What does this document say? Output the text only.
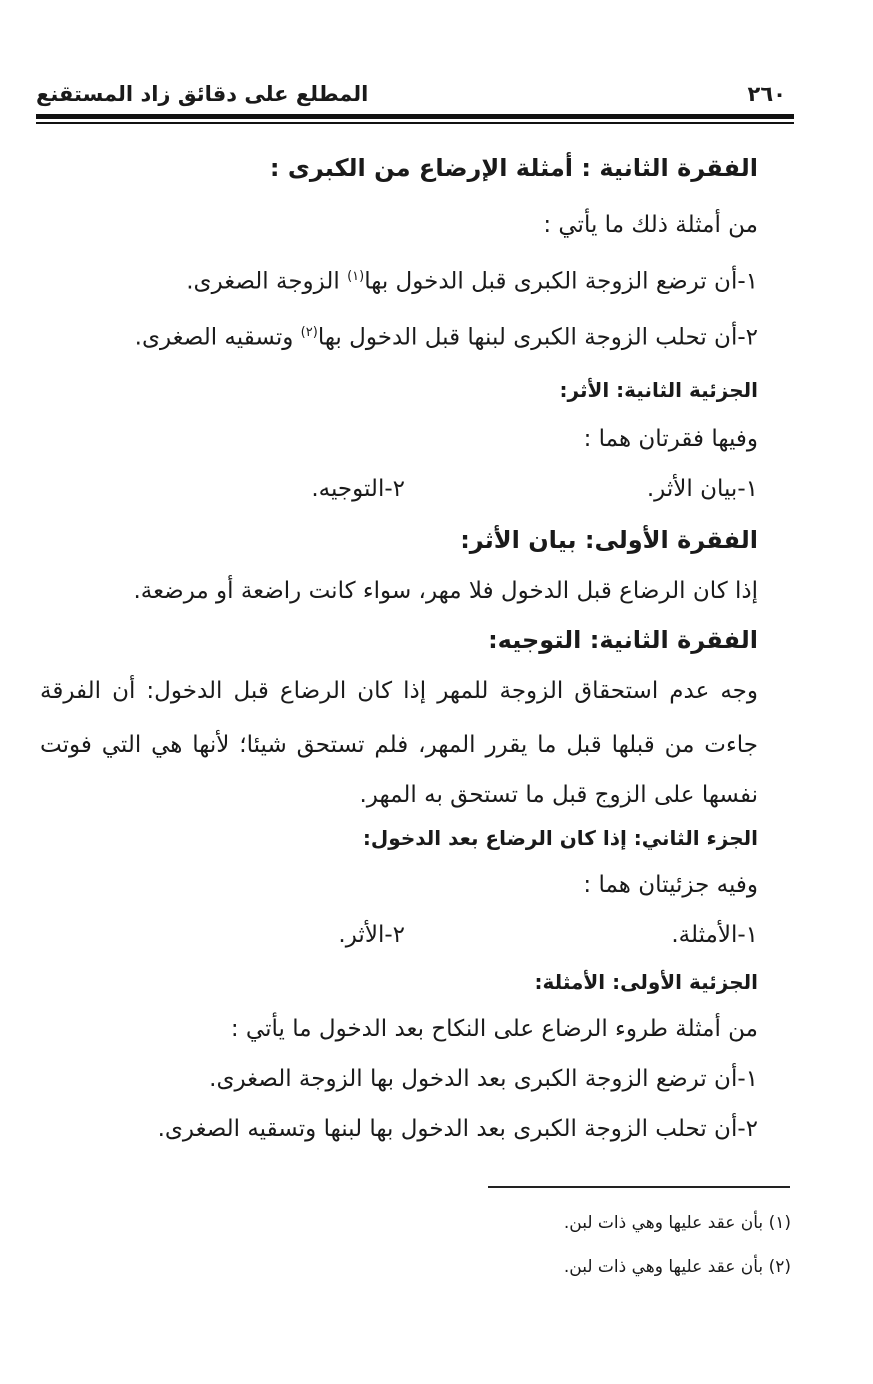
٢٦٠
المطلع على دقائق زاد المستقنع
الفقرة الثانية : أمثلة الإرضاع من الكبرى :
من أمثلة ذلك ما يأتي :
١-أن ترضع الزوجة الكبرى قبل الدخول بها$^{(١)}$ الزوجة الصغرى.
٢-أن تحلب الزوجة الكبرى لبنها قبل الدخول بها$^{(٢)}$ وتسقيه الصغرى.
الجزئية الثانية: الأثر:
وفيها فقرتان هما :
١-بيان الأثر.
٢-التوجيه.
الفقرة الأولى: بيان الأثر:
إذا كان الرضاع قبل الدخول فلا مهر، سواء كانت راضعة أو مرضعة.
الفقرة الثانية: التوجيه:
وجه عدم استحقاق الزوجة للمهر إذا كان الرضاع قبل الدخول: أن الفرقة
جاءت من قبلها قبل ما يقرر المهر، فلم تستحق شيئا؛ لأنها هي التي فوتت
نفسها على الزوج قبل ما تستحق به المهر.
الجزء الثاني: إذا كان الرضاع بعد الدخول:
وفيه جزئيتان هما :
١-الأمثلة.
٢-الأثر.
الجزئية الأولى: الأمثلة:
من أمثلة طروء الرضاع على النكاح بعد الدخول ما يأتي :
١-أن ترضع الزوجة الكبرى بعد الدخول بها الزوجة الصغرى.
٢-أن تحلب الزوجة الكبرى بعد الدخول بها لبنها وتسقيه الصغرى.
(١) بأن عقد عليها وهي ذات لبن.
(٢) بأن عقد عليها وهي ذات لبن.
